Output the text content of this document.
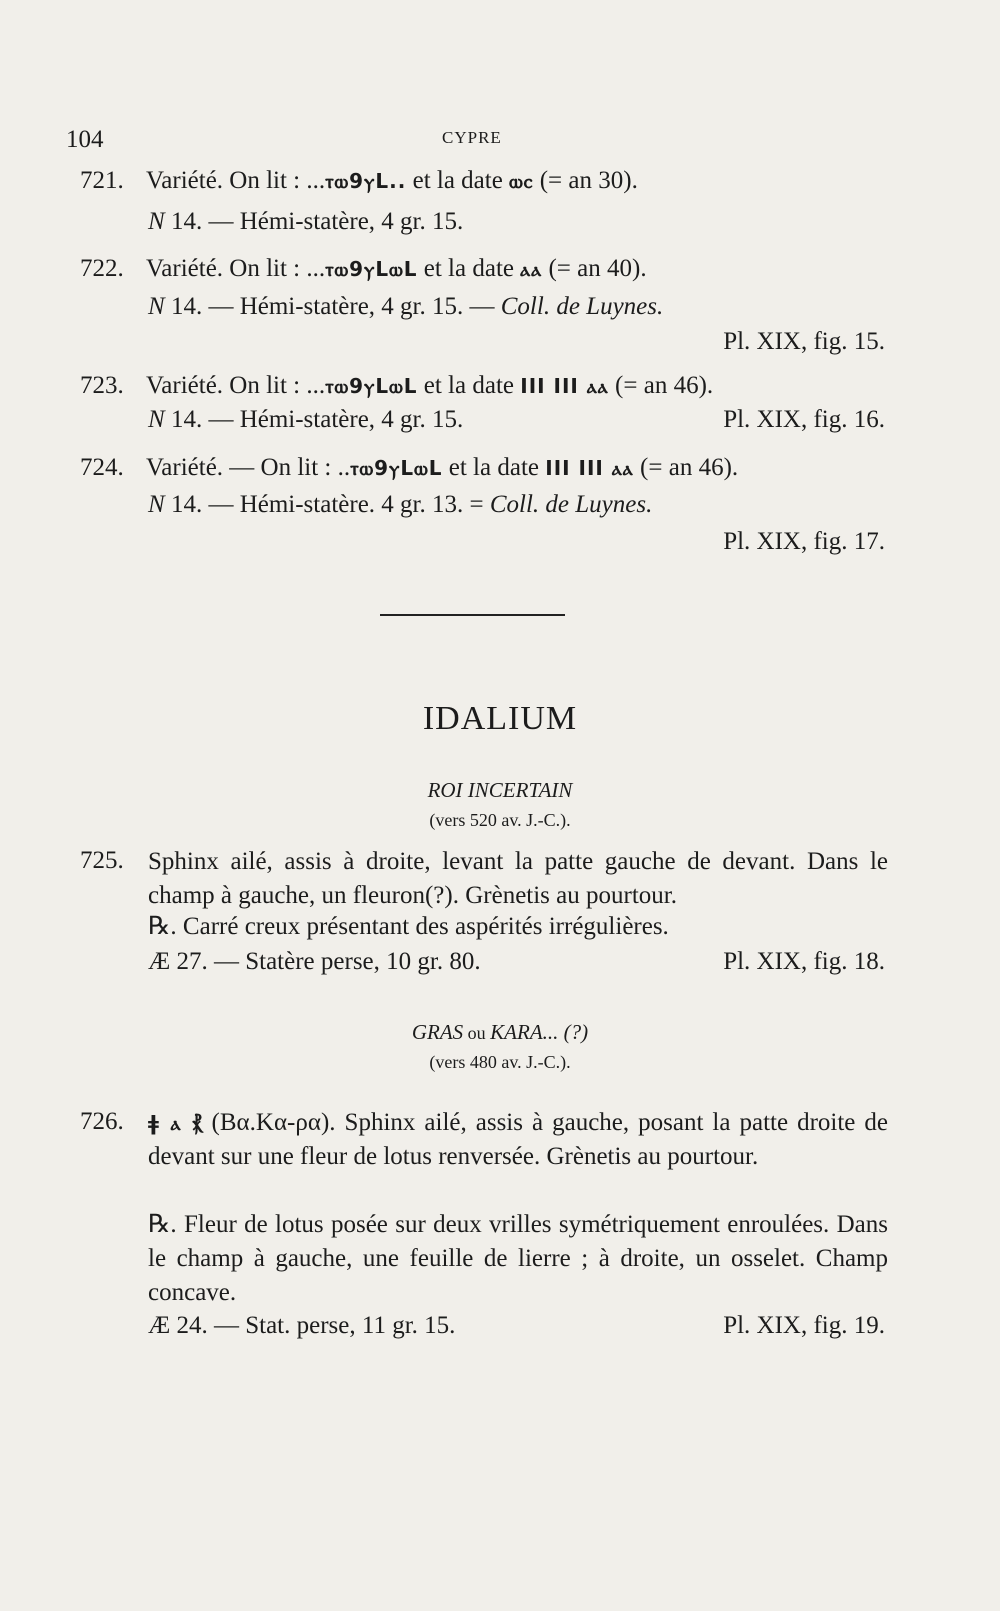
104	CYPRE
721. Variété. On lit : ...ⲧⲱ9ⲩL.. et la date ⲱⲥ (= an 30).
N 14. — Hémi-statère, 4 gr. 15.
722. Variété. On lit : ...ⲧⲱ9ⲩLⲱL et la date ⲁⲁ (= an 40).
N 14. — Hémi-statère, 4 gr. 15. — Coll. de Luynes.
Pl. XIX, fig. 15.
723. Variété. On lit : ...ⲧⲱ9ⲩLⲱL et la date III III ⲁⲁ (= an 46).
N 14. — Hémi-statère, 4 gr. 15.	Pl. XIX, fig. 16.
724. Variété. — On lit : ..ⲧⲱ9ⲩLⲱL et la date III III ⲁⲁ (= an 46).
N 14. — Hémi-statère. 4 gr. 13. = Coll. de Luynes.
Pl. XIX, fig. 17.
IDALIUM
ROI INCERTAIN
(vers 520 av. J.-C.).
725. Sphinx ailé, assis à droite, levant la patte gauche de devant. Dans le champ à gauche, un fleuron(?). Grènetis au pourtour.
℞. Carré creux présentant des aspérités irrégulières.
Æ 27. — Statère perse, 10 gr. 80.	Pl. XIX, fig. 18.
GRAS ou KARA... (?)
(vers 480 av. J.-C.).
726. ǂ ⲁ ⳩ (Bα.Kα-ρα). Sphinx ailé, assis à gauche, posant la patte droite de devant sur une fleur de lotus renversée. Grènetis au pourtour.
℞. Fleur de lotus posée sur deux vrilles symétriquement enroulées. Dans le champ à gauche, une feuille de lierre ; à droite, un osselet. Champ concave.
Æ 24. — Stat. perse, 11 gr. 15.	Pl. XIX, fig. 19.
